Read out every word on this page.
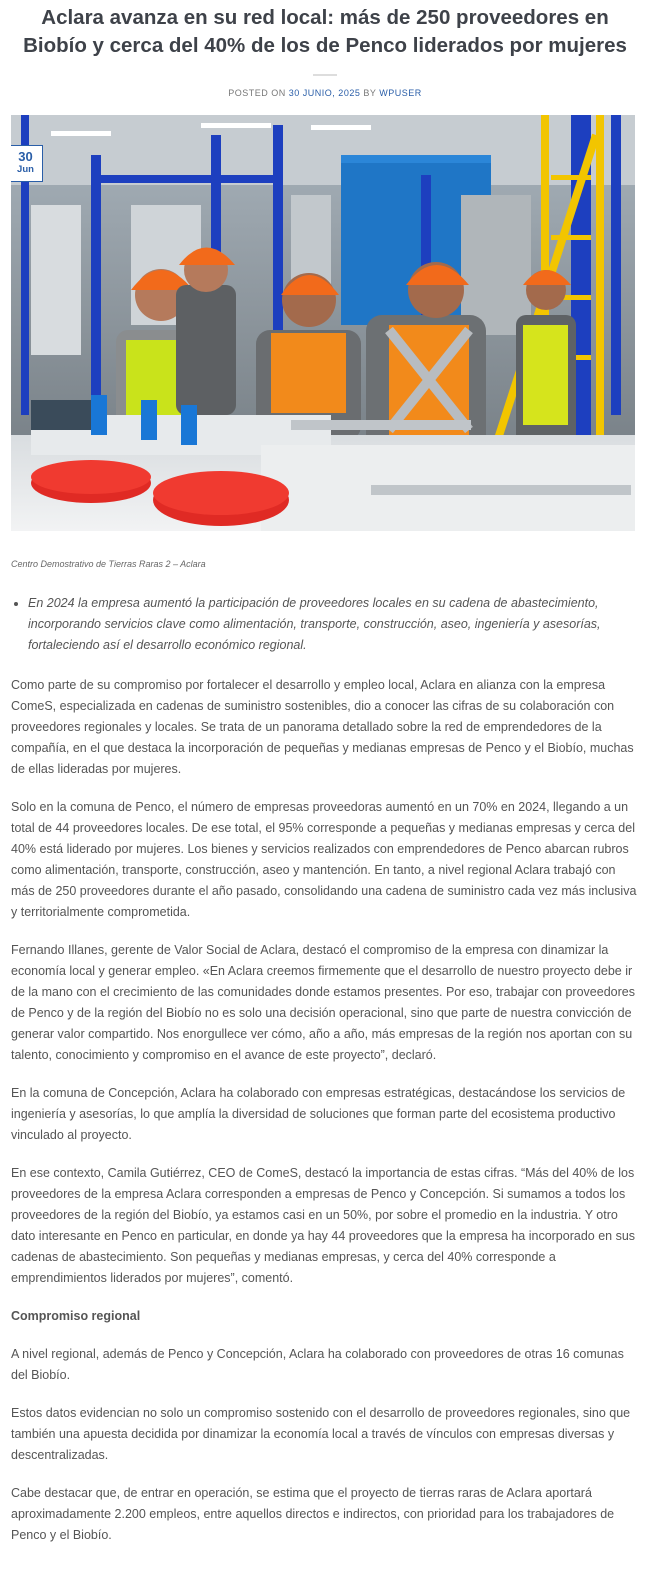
Aclara avanza en su red local: más de 250 proveedores en Biobío y cerca del 40% de los de Penco liderados por mujeres
POSTED ON 30 JUNIO, 2025 BY WPUSER
30
Jun
Centro Demostrativo de Tierras Raras 2 – Aclara
• En 2024 la empresa aumentó la participación de proveedores locales en su cadena de abastecimiento, incorporando servicios clave como alimentación, transporte, construcción, aseo, ingeniería y asesorías, fortaleciendo así el desarrollo económico regional.

Como parte de su compromiso por fortalecer el desarrollo y empleo local, Aclara en alianza con la empresa ComeS, especializada en cadenas de suministro sostenibles, dio a conocer las cifras de su colaboración con proveedores regionales y locales. Se trata de un panorama detallado sobre la red de emprendedores de la compañía, en el que destaca la incorporación de pequeñas y medianas empresas de Penco y el Biobío, muchas de ellas lideradas por mujeres.

Solo en la comuna de Penco, el número de empresas proveedoras aumentó en un 70% en 2024, llegando a un total de 44 proveedores locales. De ese total, el 95% corresponde a pequeñas y medianas empresas y cerca del 40% está liderado por mujeres. Los bienes y servicios realizados con emprendedores de Penco abarcan rubros como alimentación, transporte, construcción, aseo y mantención. En tanto, a nivel regional Aclara trabajó con más de 250 proveedores durante el año pasado, consolidando una cadena de suministro cada vez más inclusiva y territorialmente comprometida.

Fernando Illanes, gerente de Valor Social de Aclara, destacó el compromiso de la empresa con dinamizar la economía local y generar empleo. «En Aclara creemos firmemente que el desarrollo de nuestro proyecto debe ir de la mano con el crecimiento de las comunidades donde estamos presentes. Por eso, trabajar con proveedores de Penco y de la región del Biobío no es solo una decisión operacional, sino que parte de nuestra convicción de generar valor compartido. Nos enorgullece ver cómo, año a año, más empresas de la región nos aportan con su talento, conocimiento y compromiso en el avance de este proyecto”, declaró.

En la comuna de Concepción, Aclara ha colaborado con empresas estratégicas, destacándose los servicios de ingeniería y asesorías, lo que amplía la diversidad de soluciones que forman parte del ecosistema productivo vinculado al proyecto.

En ese contexto, Camila Gutiérrez, CEO de ComeS, destacó la importancia de estas cifras. “Más del 40% de los proveedores de la empresa Aclara corresponden a empresas de Penco y Concepción. Si sumamos a todos los proveedores de la región del Biobío, ya estamos casi en un 50%, por sobre el promedio en la industria. Y otro dato interesante en Penco en particular, en donde ya hay 44 proveedores que la empresa ha incorporado en sus cadenas de abastecimiento. Son pequeñas y medianas empresas, y cerca del 40% corresponde a emprendimientos liderados por mujeres”, comentó.

Compromiso regional

A nivel regional, además de Penco y Concepción, Aclara ha colaborado con proveedores de otras 16 comunas del Biobío.

Estos datos evidencian no solo un compromiso sostenido con el desarrollo de proveedores regionales, sino que también una apuesta decidida por dinamizar la economía local a través de vínculos con empresas diversas y descentralizadas.

Cabe destacar que, de entrar en operación, se estima que el proyecto de tierras raras de Aclara aportará aproximadamente 2.200 empleos, entre aquellos directos e indirectos, con prioridad para los trabajadores de Penco y el Biobío.
